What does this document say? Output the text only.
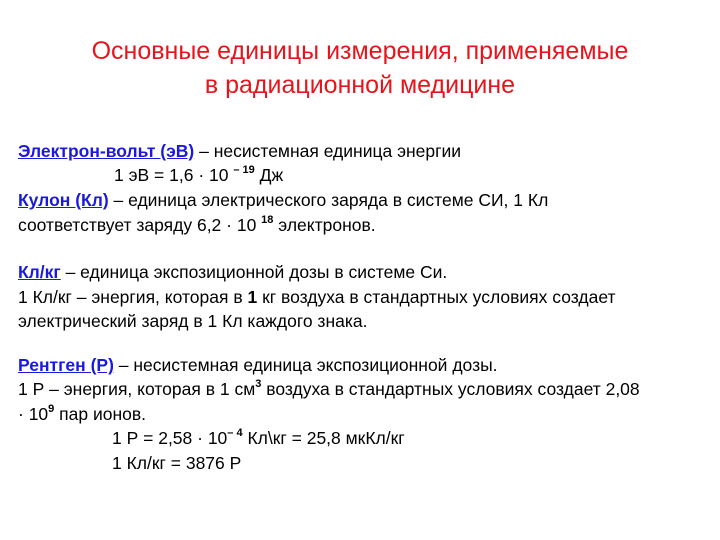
Основные единицы измерения, применяемые
в радиационной медицине
Электрон-вольт (эВ) – несистемная единица энергии
1 эВ = 1,6 · 10 $^{- 19}$ Дж
Кулон (Кл) – единица электрического заряда в системе СИ, 1 Кл
соответствует заряду 6,2 · 10 $^{18}$ электронов.
Кл/кг – единица экспозиционной дозы в системе Си.
1 Кл/кг – энергия, которая в 1 кг воздуха в стандартных условиях создает
электрический заряд в 1 Кл каждого знака.
Рентген (Р) – несистемная единица экспозиционной дозы.
1 Р – энергия, которая в 1 $см^3$ воздуха в стандартных условиях создает 2,08
· $10^9$ пар ионов.
1 $Р = 2,58 \cdot 10^{- 4}$ Кл\кг = 25,8 мкКл/кг
1 Кл/кг = 3876 Р
